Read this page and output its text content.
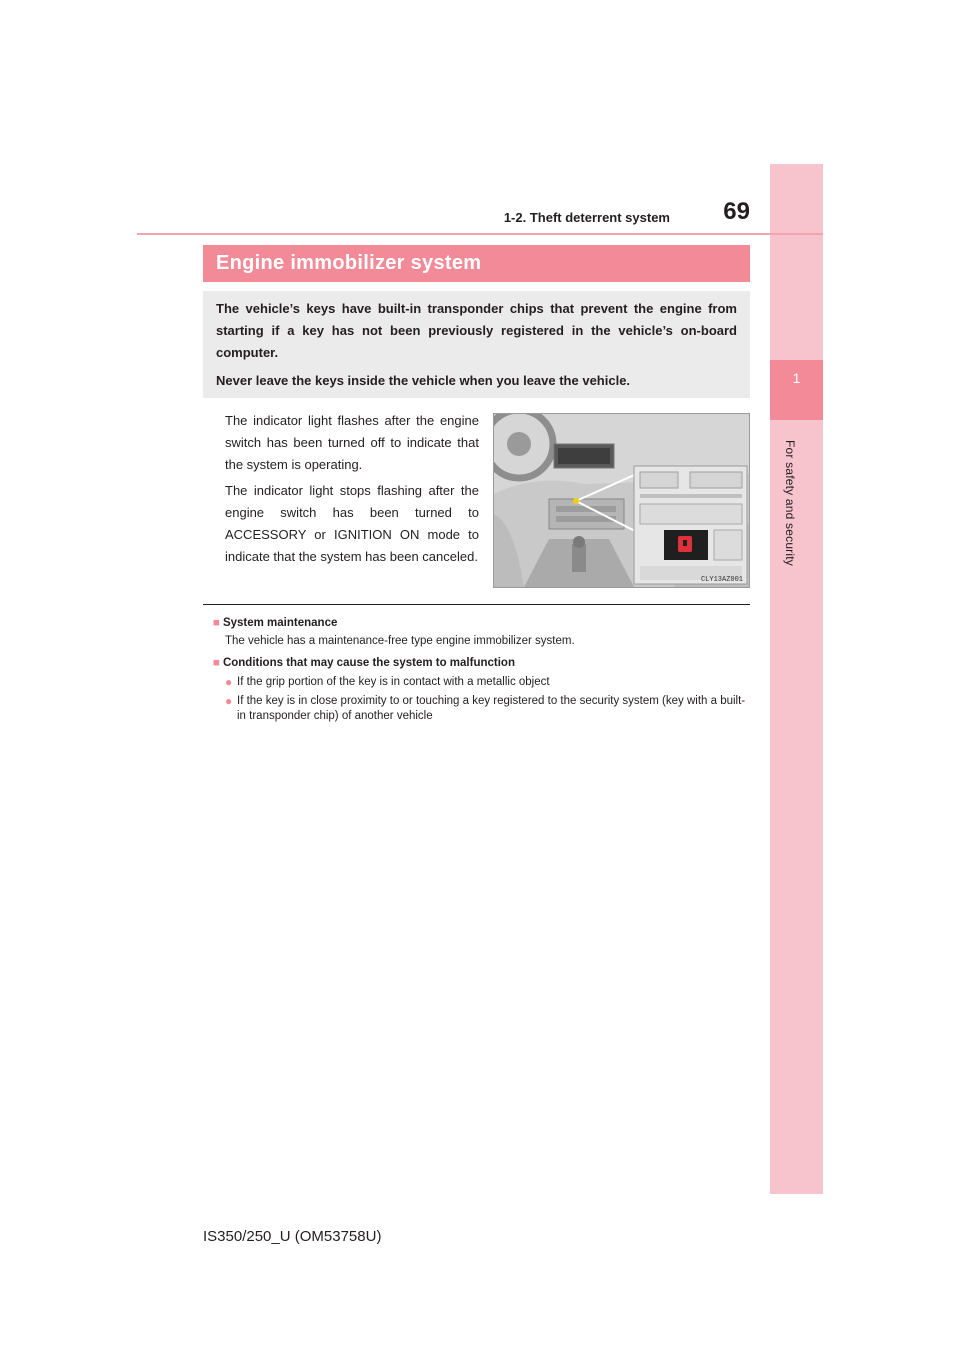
1
For safety and security
1-2. Theft deterrent system	69
Engine immobilizer system

The vehicle’s keys have built-in transponder chips that prevent the engine from starting if a key has not been previously registered in the vehicle’s on-board computer.

Never leave the keys inside the vehicle when you leave the vehicle.

The indicator light flashes after the engine switch has been turned off to indicate that the system is operating.

The indicator light stops flashing after the engine switch has been turned to ACCESSORY or IGNITION ON mode to indicate that the system has been canceled.

CLY13AZ001

■ System maintenance

The vehicle has a maintenance-free type engine immobilizer system.

■ Conditions that may cause the system to malfunction

● If the grip portion of the key is in contact with a metallic object
● If the key is in close proximity to or touching a key registered to the security system (key with a built-in transponder chip) of another vehicle
IS350/250_U (OM53758U)
